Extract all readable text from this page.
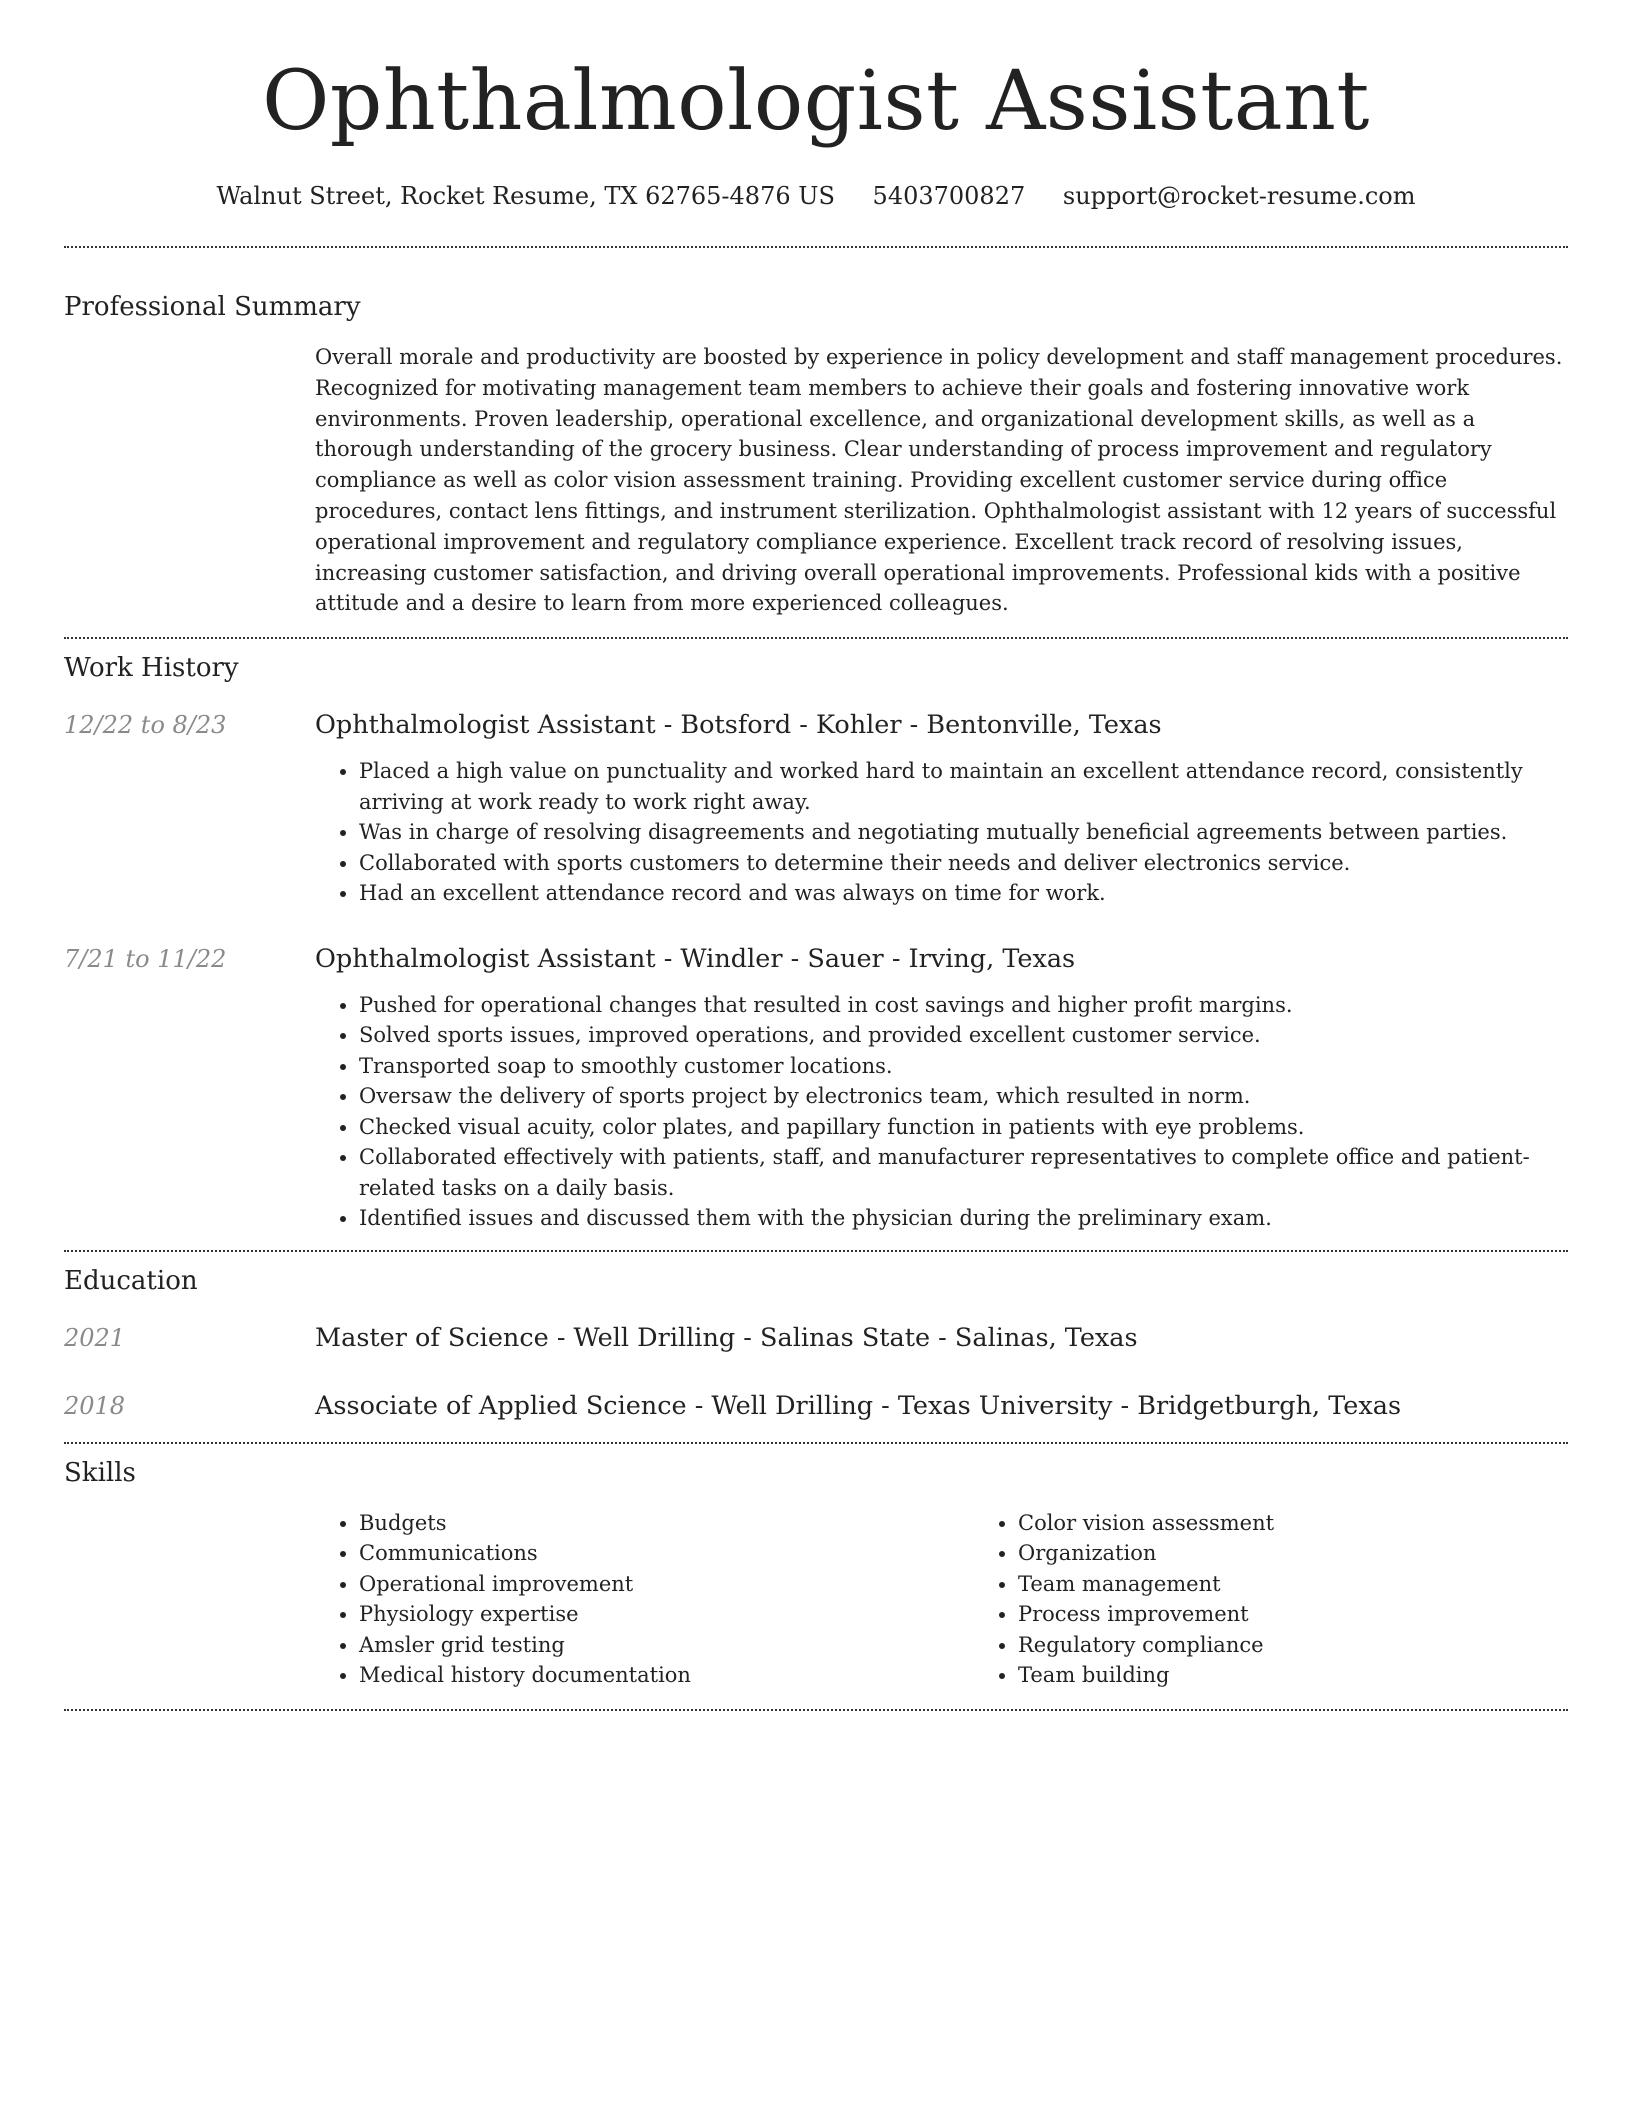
Ophthalmologist Assistant
Walnut Street, Rocket Resume, TX 62765-4876 US 5403700827 support@rocket-resume.com
Professional Summary

Overall morale and productivity are boosted by experience in policy development and staff management procedures. Recognized for motivating management team members to achieve their goals and fostering innovative work environments. Proven leadership, operational excellence, and organizational development skills, as well as a thorough understanding of the grocery business. Clear understanding of process improvement and regulatory compliance as well as color vision assessment training. Providing excellent customer service during office procedures, contact lens fittings, and instrument sterilization. Ophthalmologist assistant with 12 years of successful operational improvement and regulatory compliance experience. Excellent track record of resolving issues, increasing customer satisfaction, and driving overall operational improvements. Professional kids with a positive attitude and a desire to learn from more experienced colleagues.

Work History
12/22 to 8/23	Ophthalmologist Assistant - Botsford - Kohler - Bentonville, Texas
• Placed a high value on punctuality and worked hard to maintain an excellent attendance record, consistently arriving at work ready to work right away.
• Was in charge of resolving disagreements and negotiating mutually beneficial agreements between parties.
• Collaborated with sports customers to determine their needs and deliver electronics service.
• Had an excellent attendance record and was always on time for work.
7/21 to 11/22	Ophthalmologist Assistant - Windler - Sauer - Irving, Texas
• Pushed for operational changes that resulted in cost savings and higher profit margins.
• Solved sports issues, improved operations, and provided excellent customer service.
• Transported soap to smoothly customer locations.
• Oversaw the delivery of sports project by electronics team, which resulted in norm.
• Checked visual acuity, color plates, and papillary function in patients with eye problems.
• Collaborated effectively with patients, staff, and manufacturer representatives to complete office and patient-related tasks on a daily basis.
• Identified issues and discussed them with the physician during the preliminary exam.
Education
2021	Master of Science - Well Drilling - Salinas State - Salinas, Texas
2018	Associate of Applied Science - Well Drilling - Texas University - Bridgetburgh, Texas
Skills
• Budgets
• Communications
• Operational improvement
• Physiology expertise
• Amsler grid testing
• Medical history documentation
• Color vision assessment
• Organization
• Team management
• Process improvement
• Regulatory compliance
• Team building
